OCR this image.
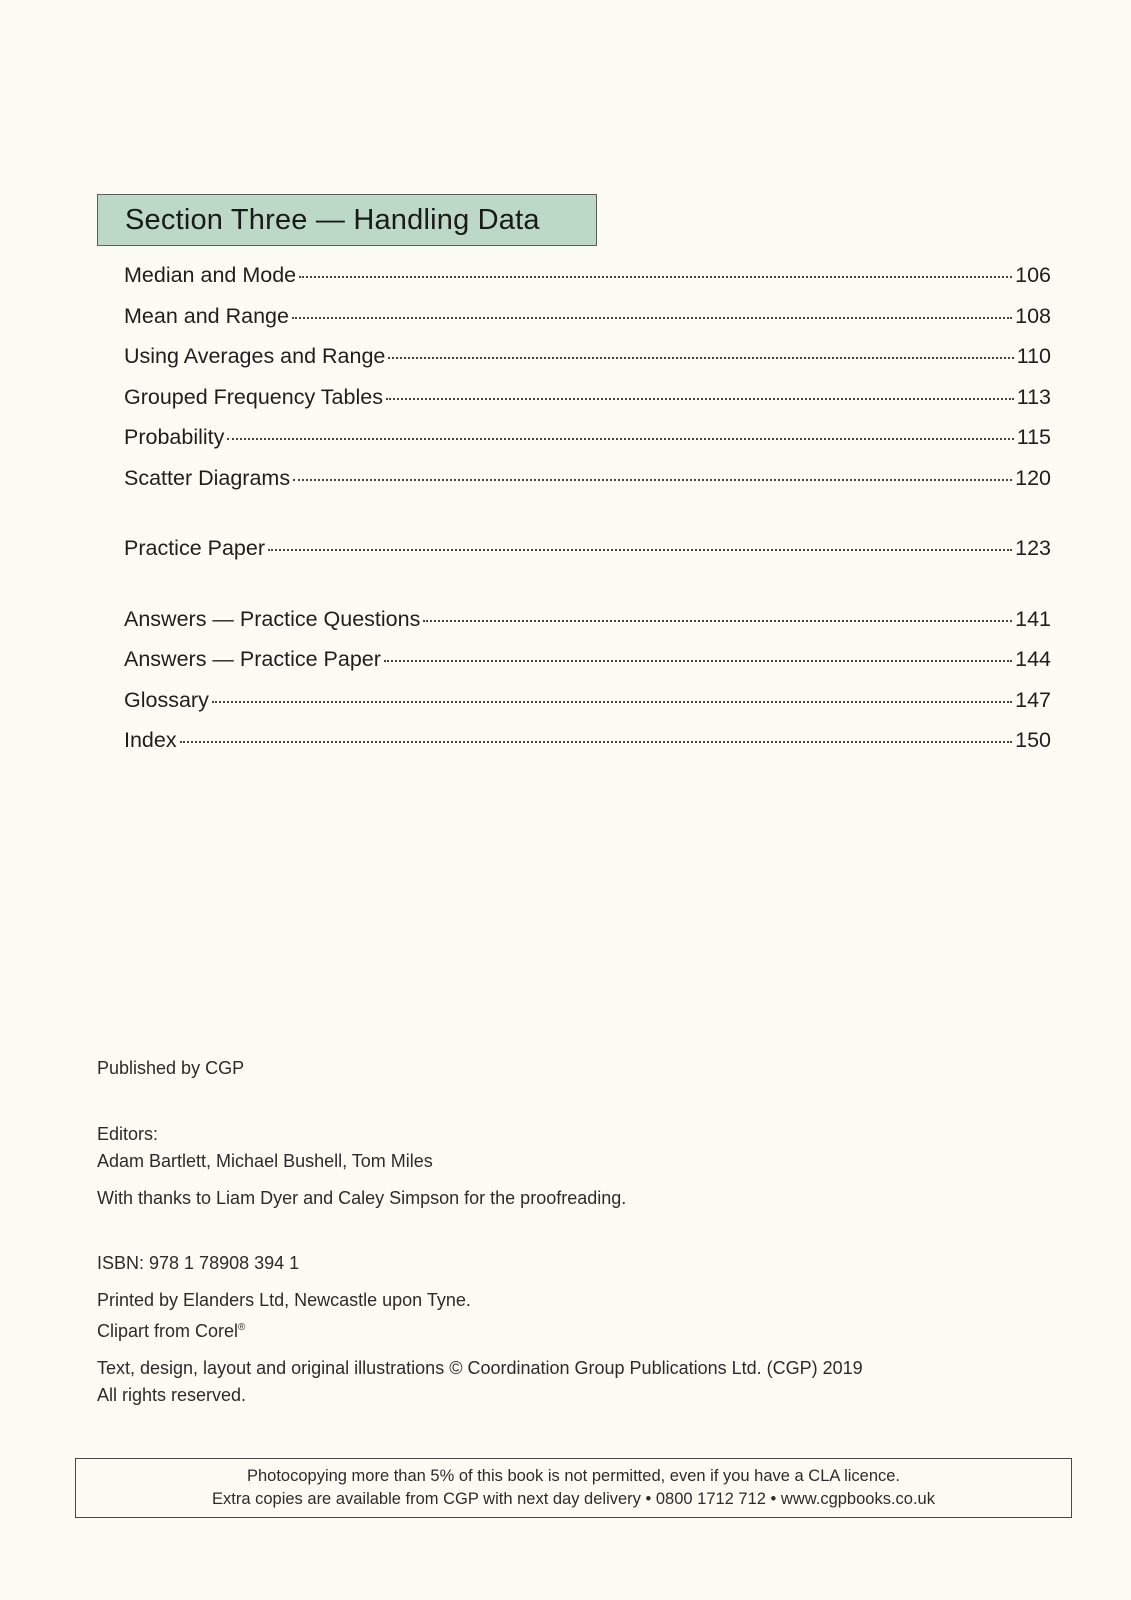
Section Three — Handling Data
Median and Mode	106
Mean and Range	108
Using Averages and Range	110
Grouped Frequency Tables	113
Probability	115
Scatter Diagrams	120
Practice Paper	123
Answers — Practice Questions	141
Answers — Practice Paper	144
Glossary	147
Index	150

Published by CGP

Editors:

Adam Bartlett, Michael Bushell, Tom Miles

With thanks to Liam Dyer and Caley Simpson for the proofreading.

ISBN: 978 1 78908 394 1

Printed by Elanders Ltd, Newcastle upon Tyne.

Clipart from Corel®

Text, design, layout and original illustrations © Coordination Group Publications Ltd. (CGP) 2019

All rights reserved.

Photocopying more than 5% of this book is not permitted, even if you have a CLA licence.
Extra copies are available from CGP with next day delivery • 0800 1712 712 • www.cgpbooks.co.uk
